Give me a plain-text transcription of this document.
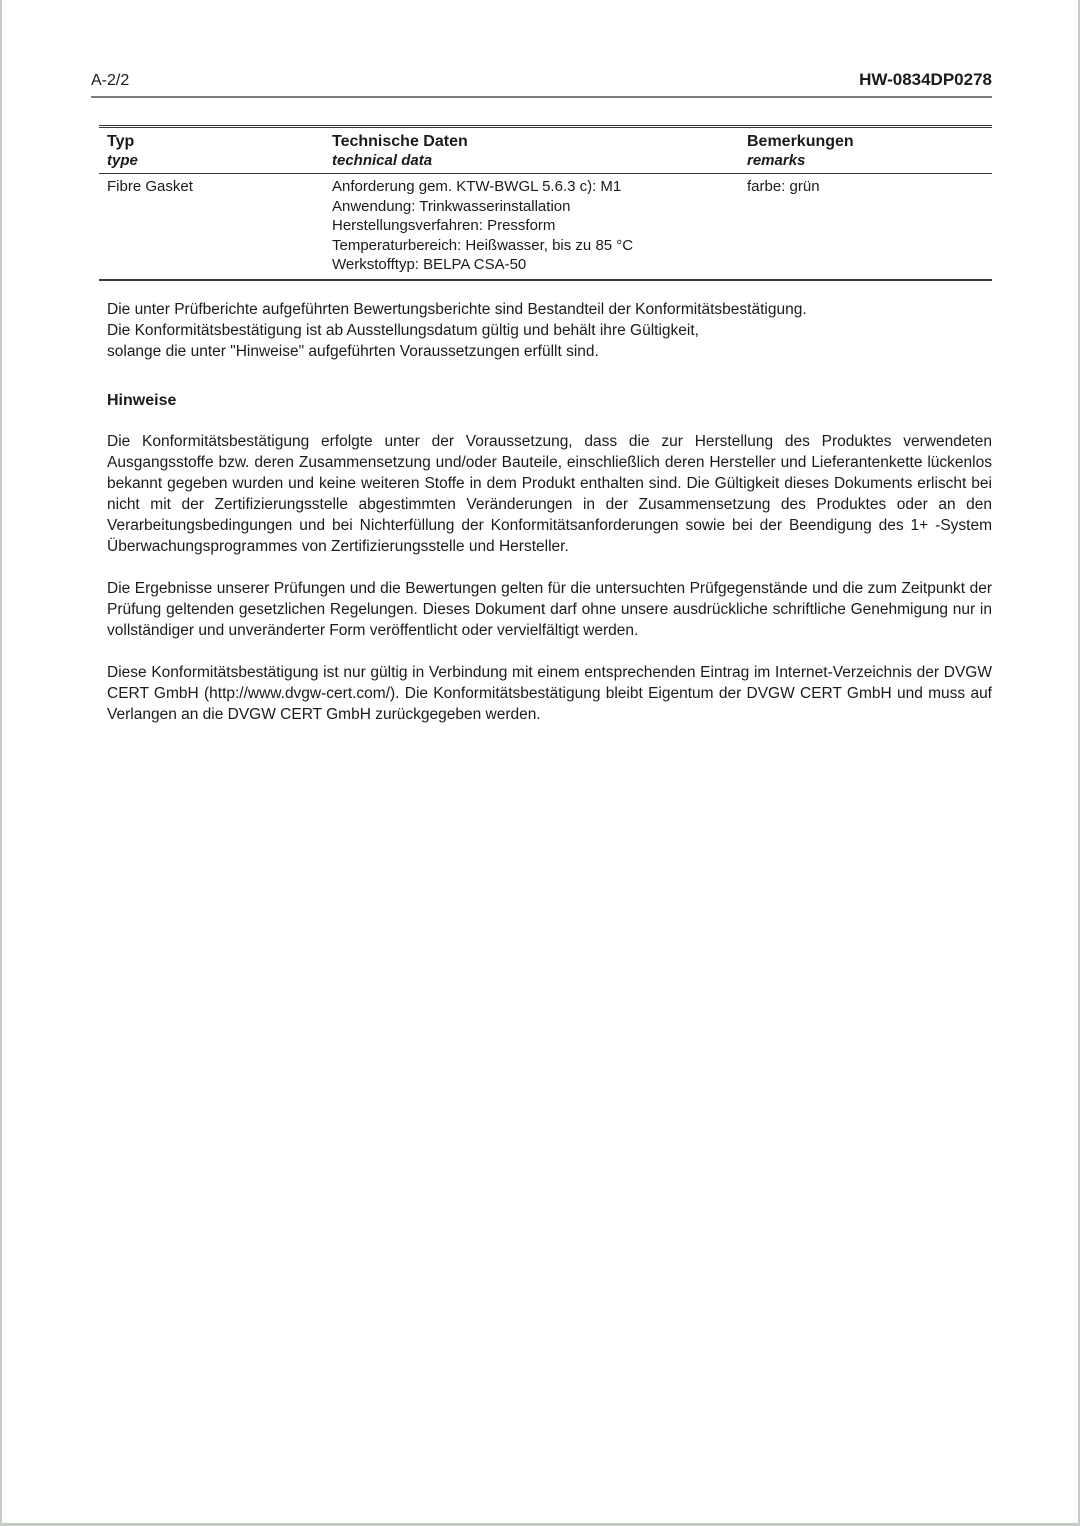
A-2/2	HW-0834DP0278
Typ
type
Technische Daten
technical data
Bemerkungen
remarks
Fibre Gasket	Anforderung gem. KTW-BWGL 5.6.3 c): M1
Anwendung: Trinkwasserinstallation
Herstellungsverfahren: Pressform
Temperaturbereich: Heißwasser, bis zu 85 °C
Werkstofftyp: BELPA CSA-50
farbe: grün
Die unter Prüfberichte aufgeführten Bewertungsberichte sind Bestandteil der Konformitätsbestätigung.
Die Konformitätsbestätigung ist ab Ausstellungsdatum gültig und behält ihre Gültigkeit,
solange die unter "Hinweise" aufgeführten Voraussetzungen erfüllt sind.
Hinweise

Die Konformitätsbestätigung erfolgte unter der Voraussetzung, dass die zur Herstellung des Produktes verwendeten Ausgangsstoffe bzw. deren Zusammensetzung und/oder Bauteile, einschließlich deren Hersteller und Lieferantenkette lückenlos bekannt gegeben wurden und keine weiteren Stoffe in dem Produkt enthalten sind. Die Gültigkeit dieses Dokuments erlischt bei nicht mit der Zertifizierungsstelle abgestimmten Veränderungen in der Zusammensetzung des Produktes oder an den Verarbeitungsbedingungen und bei Nichterfüllung der Konformitätsanforderungen sowie bei der Beendigung des 1+ -System Überwachungsprogrammes von Zertifizierungsstelle und Hersteller.

Die Ergebnisse unserer Prüfungen und die Bewertungen gelten für die untersuchten Prüfgegenstände und die zum Zeitpunkt der Prüfung geltenden gesetzlichen Regelungen. Dieses Dokument darf ohne unsere ausdrückliche schriftliche Genehmigung nur in vollständiger und unveränderter Form veröffentlicht oder vervielfältigt werden.

Diese Konformitätsbestätigung ist nur gültig in Verbindung mit einem entsprechenden Eintrag im Internet-Verzeichnis der DVGW CERT GmbH (http://www.dvgw-cert.com/). Die Konformitätsbestätigung bleibt Eigentum der DVGW CERT GmbH und muss auf Verlangen an die DVGW CERT GmbH zurückgegeben werden.
